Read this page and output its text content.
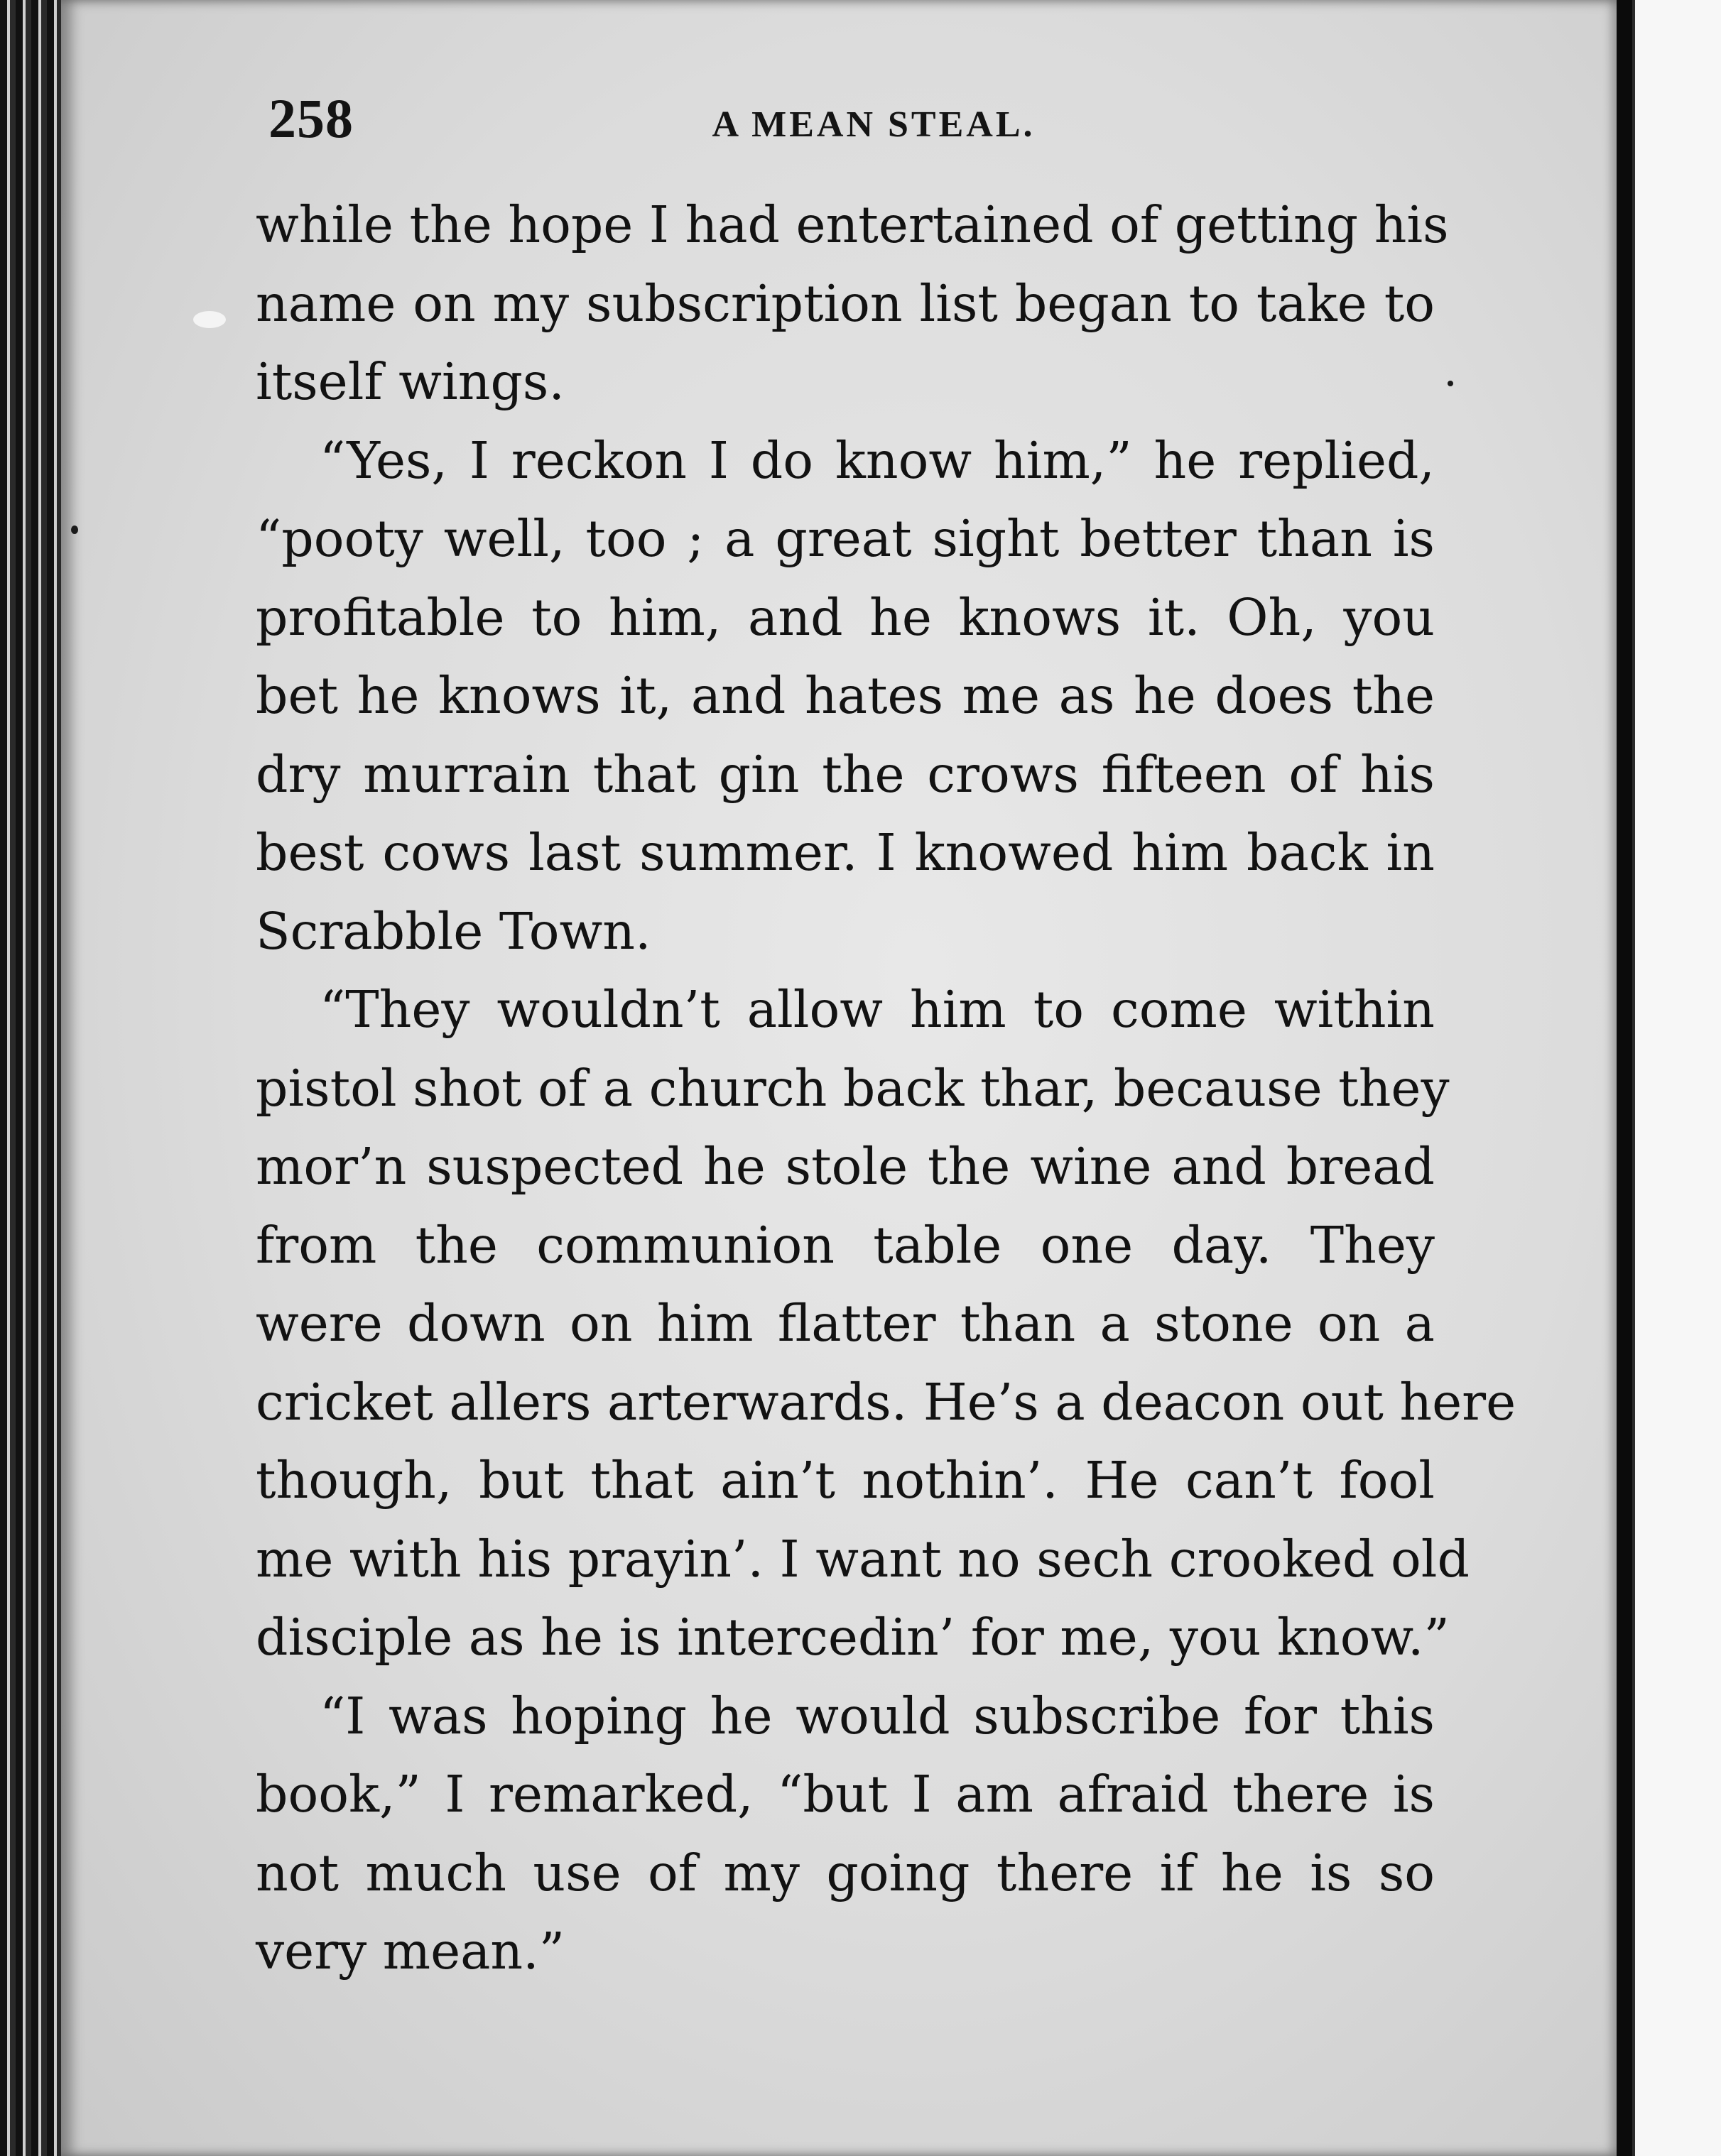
258	A MEAN STEAL.
while the hope I had entertained of getting his
name on my subscription list began to take to
itself wings.
“Yes, I reckon I do know him,” he replied,
“pooty well, too ; a great sight better than is
profitable to him, and he knows it. Oh, you
bet he knows it, and hates me as he does the
dry murrain that gin the crows fifteen of his
best cows last summer. I knowed him back in
Scrabble Town.
“They wouldn’t allow him to come within
pistol shot of a church back thar, because they
mor’n suspected he stole the wine and bread
from the communion table one day. They
were down on him flatter than a stone on a
cricket allers arterwards. He’s a deacon out here
though, but that ain’t nothin’. He can’t fool
me with his prayin’. I want no sech crooked old
disciple as he is intercedin’ for me, you know.”
“I was hoping he would subscribe for this
book,” I remarked, “but I am afraid there is
not much use of my going there if he is so
very mean.”
